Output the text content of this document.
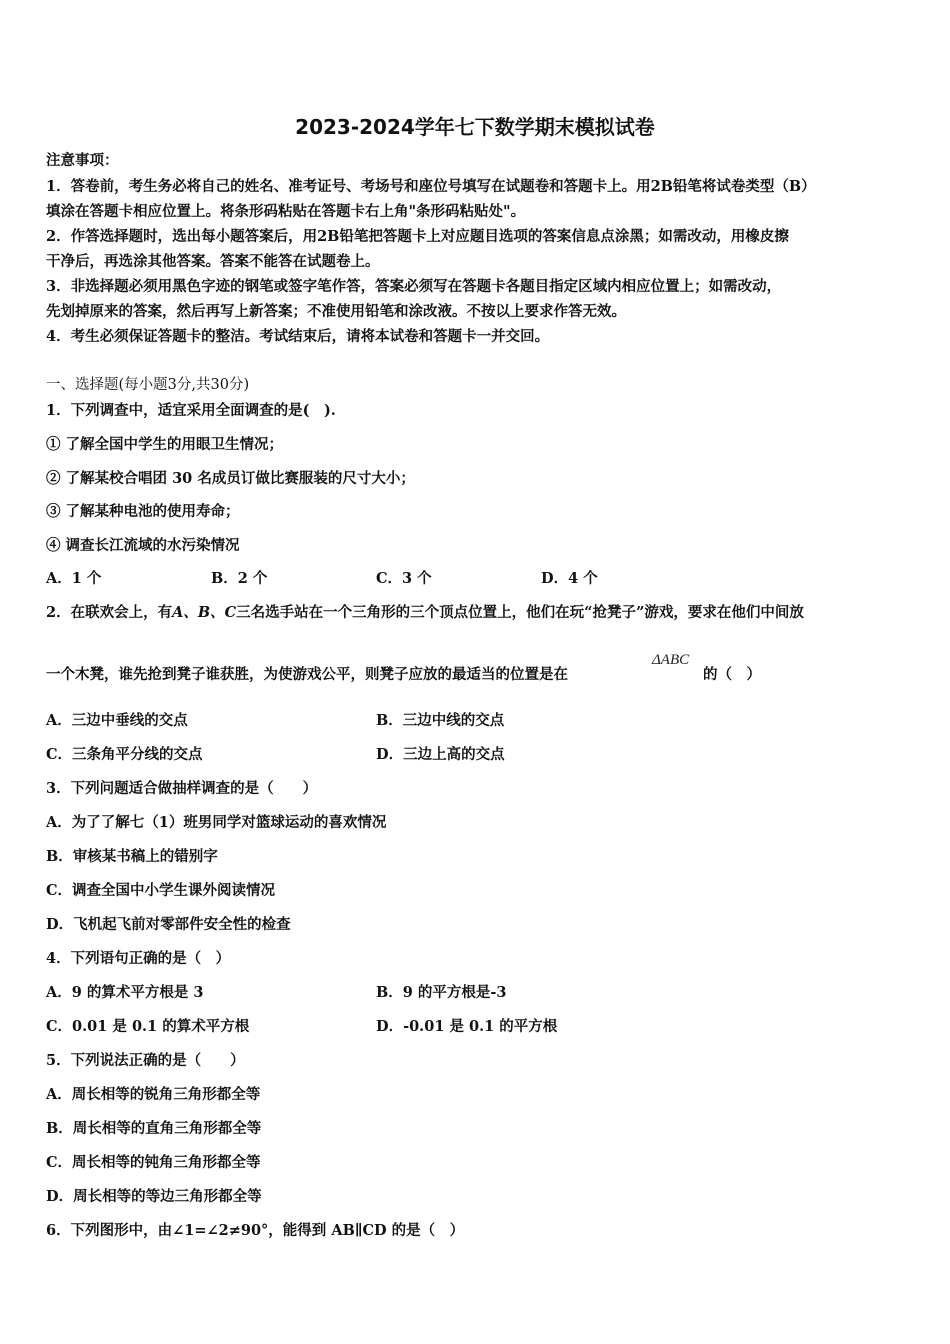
2023-2024学年七下数学期末模拟试卷
注意事项：
1．答卷前，考生务必将自己的姓名、准考证号、考场号和座位号填写在试题卷和答题卡上。用2B铅笔将试卷类型（B）
填涂在答题卡相应位置上。将条形码粘贴在答题卡右上角"条形码粘贴处"。
2．作答选择题时，选出每小题答案后，用2B铅笔把答题卡上对应题目选项的答案信息点涂黑；如需改动，用橡皮擦
干净后，再选涂其他答案。答案不能答在试题卷上。
3．非选择题必须用黑色字迹的钢笔或签字笔作答，答案必须写在答题卡各题目指定区域内相应位置上；如需改动，
先划掉原来的答案，然后再写上新答案；不准使用铅笔和涂改液。不按以上要求作答无效。
4．考生必须保证答题卡的整洁。考试结束后，请将本试卷和答题卡一并交回。
一、选择题(每小题3分,共30分)
1．下列调查中，适宜采用全面调查的是(　).
① 了解全国中学生的用眼卫生情况；
② 了解某校合唱团 30 名成员订做比赛服装的尺寸大小；
③ 了解某种电池的使用寿命；
④ 调查长江流域的水污染情况
A．1 个	B．2 个	C．3 个	D．4 个
2．在联欢会上，有A、B、C三名选手站在一个三角形的三个顶点位置上，他们在玩“抢凳子”游戏，要求在他们中间放
一个木凳，谁先抢到凳子谁获胜，为使游戏公平，则凳子应放的最适当的位置是在
ΔABC
的（　）
A．三边中垂线的交点	B．三边中线的交点
C．三条角平分线的交点	D．三边上高的交点
3．下列问题适合做抽样调查的是（　　）
A．为了了解七（1）班男同学对篮球运动的喜欢情况
B．审核某书稿上的错别字
C．调查全国中小学生课外阅读情况
D．飞机起飞前对零部件安全性的检查
4．下列语句正确的是（　）
A．9 的算术平方根是 3	B．9 的平方根是-3
C．0.01 是 0.1 的算术平方根	D．-0.01 是 0.1 的平方根
5．下列说法正确的是（　　）
A．周长相等的锐角三角形都全等
B．周长相等的直角三角形都全等
C．周长相等的钝角三角形都全等
D．周长相等的等边三角形都全等
6．下列图形中，由∠1=∠2≠90°，能得到 AB∥CD 的是（　）
